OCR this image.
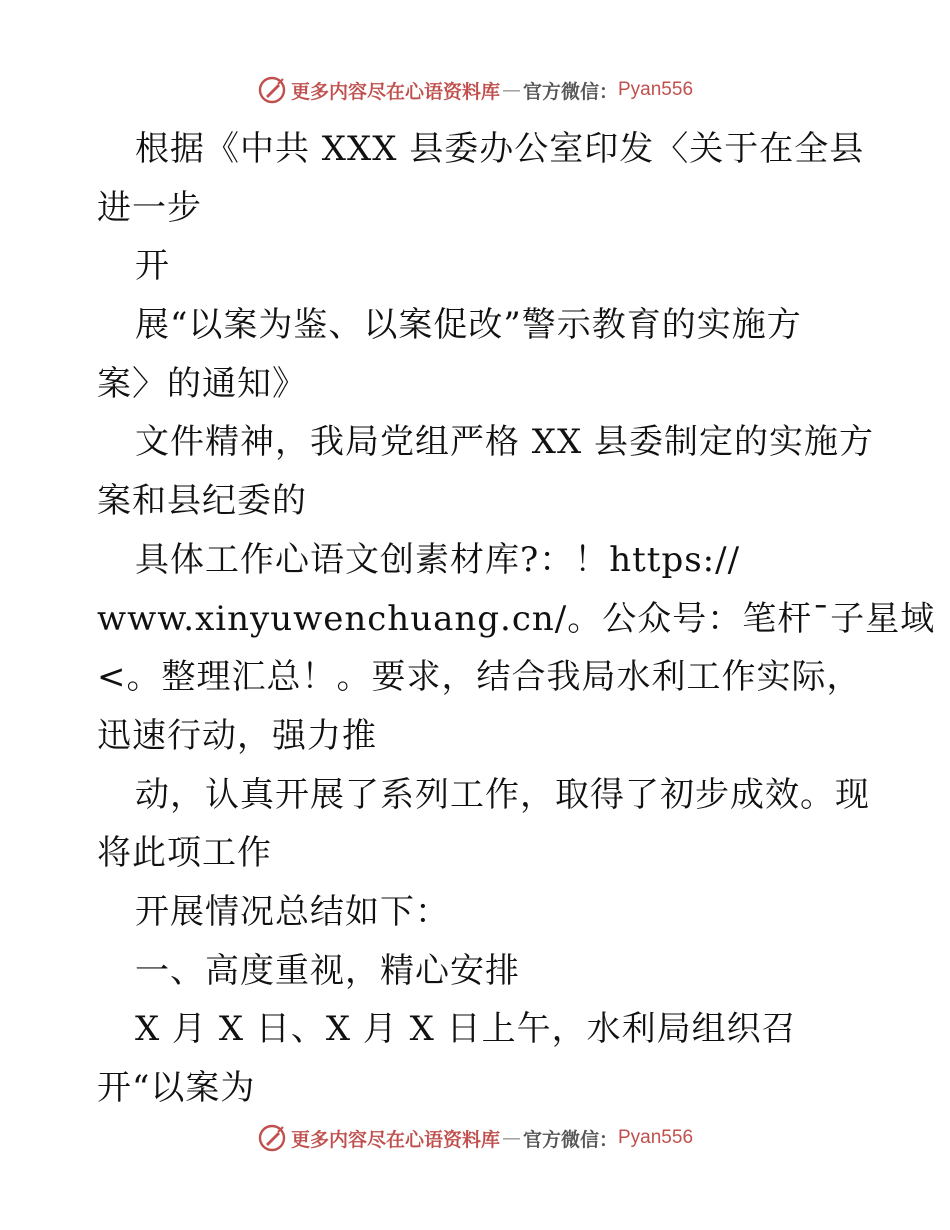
更多内容尽在心语资料库 — 官方微信： Pyan556
根据《中共 XXX 县委办公室印发〈关于在全县
进一步
开
展“以案为鉴、以案促改”警示教育的实施方
案〉的通知》
文件精神，我局党组严格 XX 县委制定的实施方
案和县纪委的
具体工作心语文创素材库?：！https://
www.xinyuwenchuang.cn/。公众号：笔杆¯子星域
<。整理汇总！。要求，结合我局水利工作实际，
迅速行动，强力推
动，认真开展了系列工作，取得了初步成效。现
将此项工作
开展情况总结如下：
一、高度重视，精心安排
X 月 X 日、X 月 X 日上午，水利局组织召
开“以案为
更多内容尽在心语资料库 — 官方微信： Pyan556
